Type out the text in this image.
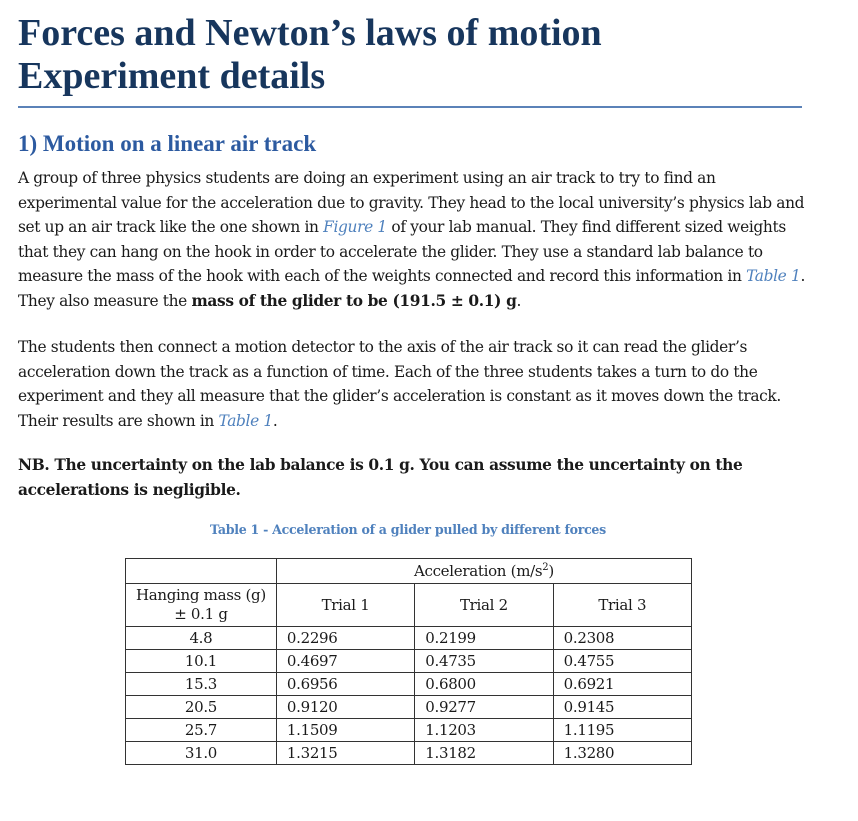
Forces and Newton’s laws of motion
Experiment details
1) Motion on a linear air track

A group of three physics students are doing an experiment using an air track to try to find an experimental value for the acceleration due to gravity. They head to the local university’s physics lab and set up an air track like the one shown in Figure 1 of your lab manual. They find different sized weights that they can hang on the hook in order to accelerate the glider. They use a standard lab balance to measure the mass of the hook with each of the weights connected and record this information in Table 1. They also measure the mass of the glider to be (191.5 ± 0.1) g.

The students then connect a motion detector to the axis of the air track so it can read the glider’s acceleration down the track as a function of time. Each of the three students takes a turn to do the experiment and they all measure that the glider’s acceleration is constant as it moves down the track. Their results are shown in Table 1.

NB. The uncertainty on the lab balance is 0.1 g. You can assume the uncertainty on the accelerations is negligible.

Table 1 - Acceleration of a glider pulled by different forces

	Acceleration $(m/s^2)$		

Hanging mass (g)
± 0.1 g	Trial 1	Trial 2	Trial 3
4.8	0.2296	0.2199	0.2308
10.1	0.4697	0.4735	0.4755
15.3	0.6956	0.6800	0.6921
20.5	0.9120	0.9277	0.9145
25.7	1.1509	1.1203	1.1195
31.0	1.3215	1.3182	1.3280
